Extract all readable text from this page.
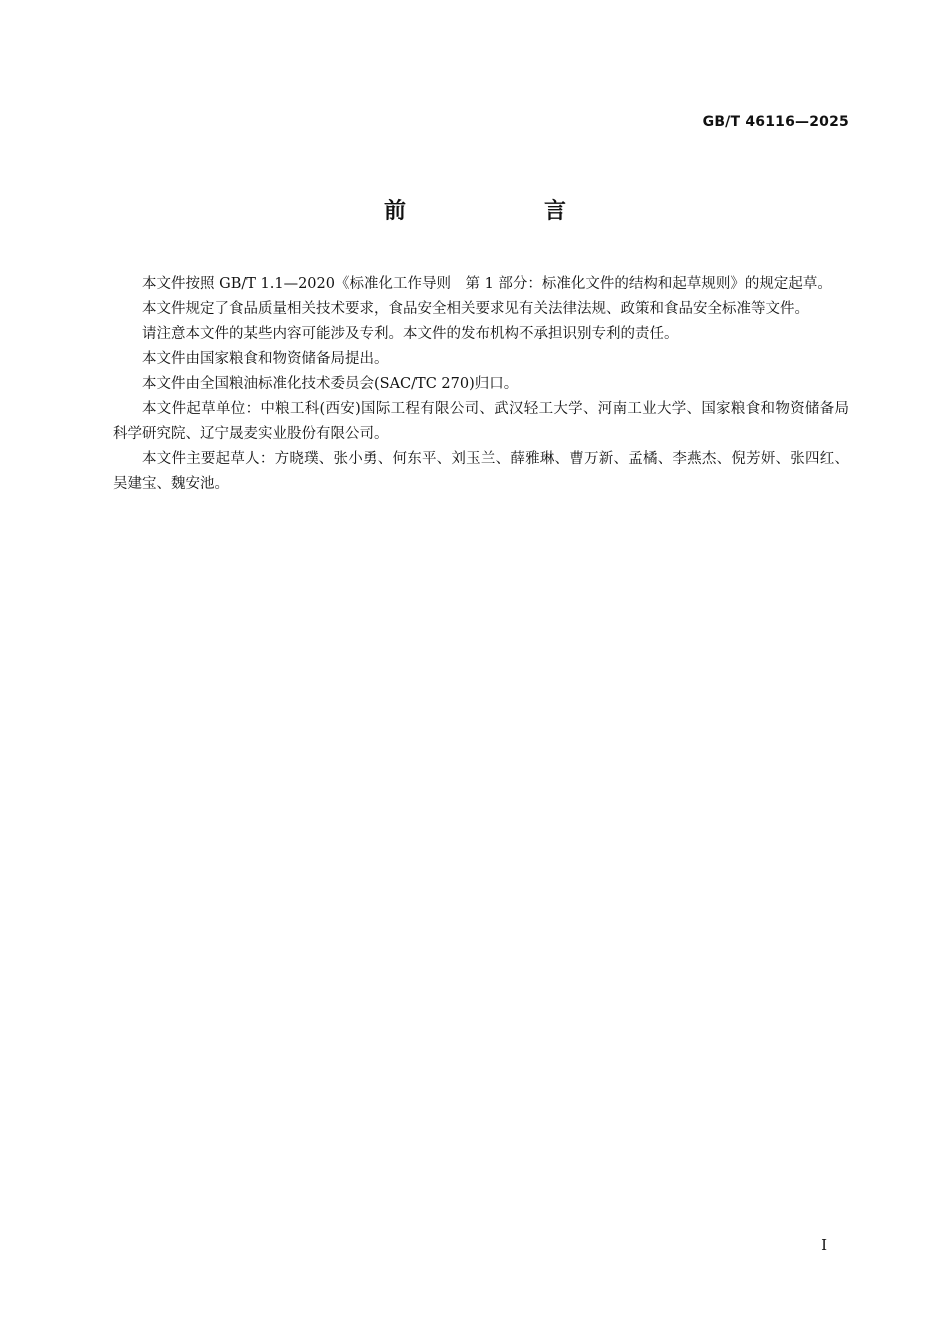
GB/T 46116—2025
前　言

本文件按照 GB/T 1.1—2020《标准化工作导则　第 1 部分：标准化文件的结构和起草规则》的规定起草。

本文件规定了食品质量相关技术要求，食品安全相关要求见有关法律法规、政策和食品安全标准等文件。

请注意本文件的某些内容可能涉及专利。本文件的发布机构不承担识别专利的责任。

本文件由国家粮食和物资储备局提出。

本文件由全国粮油标准化技术委员会(SAC/TC 270)归口。

本文件起草单位：中粮工科(西安)国际工程有限公司、武汉轻工大学、河南工业大学、国家粮食和物资储备局科学研究院、辽宁晟麦实业股份有限公司。

本文件主要起草人：方晓璞、张小勇、何东平、刘玉兰、薛雅琳、曹万新、孟橘、李燕杰、倪芳妍、张四红、吴建宝、魏安池。

I
